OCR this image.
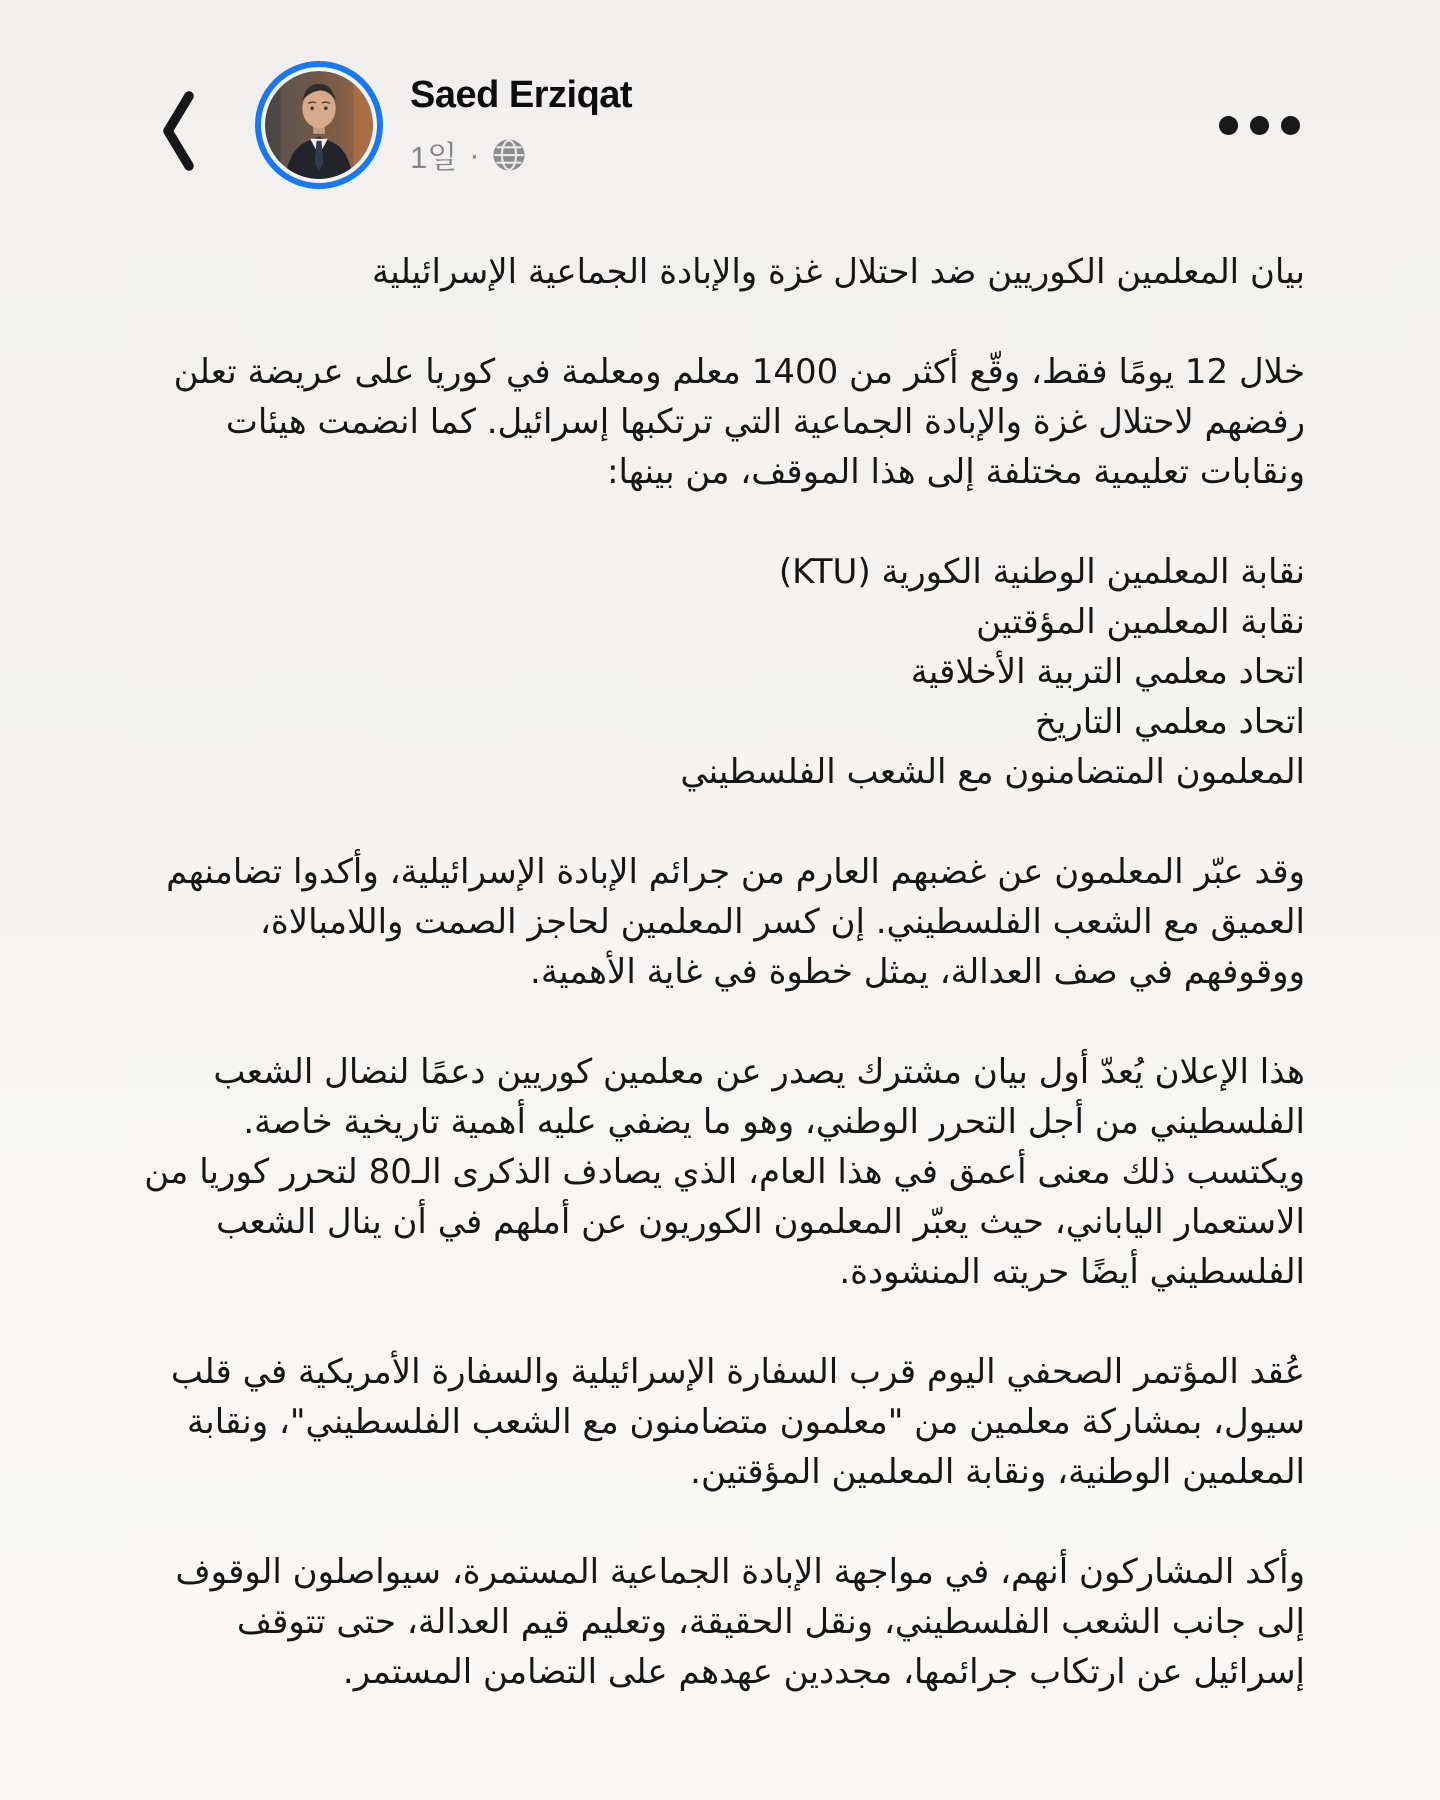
Saed Erziqat
1일 ·

بيان المعلمين الكوريين ضد احتلال غزة والإبادة الجماعية الإسرائيلية

خلال 12 يومًا فقط، وقّع أكثر من 1400 معلم ومعلمة في كوريا على عريضة تعلن رفضهم لاحتلال غزة والإبادة الجماعية التي ترتكبها إسرائيل. كما انضمت هيئات ونقابات تعليمية مختلفة إلى هذا الموقف، من بينها:

نقابة المعلمين الوطنية الكورية (KTU)
نقابة المعلمين المؤقتين
اتحاد معلمي التربية الأخلاقية
اتحاد معلمي التاريخ
المعلمون المتضامنون مع الشعب الفلسطيني

وقد عبّر المعلمون عن غضبهم العارم من جرائم الإبادة الإسرائيلية، وأكدوا تضامنهم العميق مع الشعب الفلسطيني. إن كسر المعلمين لحاجز الصمت واللامبالاة، ووقوفهم في صف العدالة، يمثل خطوة في غاية الأهمية.

هذا الإعلان يُعدّ أول بيان مشترك يصدر عن معلمين كوريين دعمًا لنضال الشعب الفلسطيني من أجل التحرر الوطني، وهو ما يضفي عليه أهمية تاريخية خاصة. ويكتسب ذلك معنى أعمق في هذا العام، الذي يصادف الذكرى الـ80 لتحرر كوريا من الاستعمار الياباني، حيث يعبّر المعلمون الكوريون عن أملهم في أن ينال الشعب الفلسطيني أيضًا حريته المنشودة.

عُقد المؤتمر الصحفي اليوم قرب السفارة الإسرائيلية والسفارة الأمريكية في قلب سيول، بمشاركة معلمين من "معلمون متضامنون مع الشعب الفلسطيني"، ونقابة المعلمين الوطنية، ونقابة المعلمين المؤقتين.

وأكد المشاركون أنهم، في مواجهة الإبادة الجماعية المستمرة، سيواصلون الوقوف إلى جانب الشعب الفلسطيني، ونقل الحقيقة، وتعليم قيم العدالة، حتى تتوقف إسرائيل عن ارتكاب جرائمها، مجددين عهدهم على التضامن المستمر.
